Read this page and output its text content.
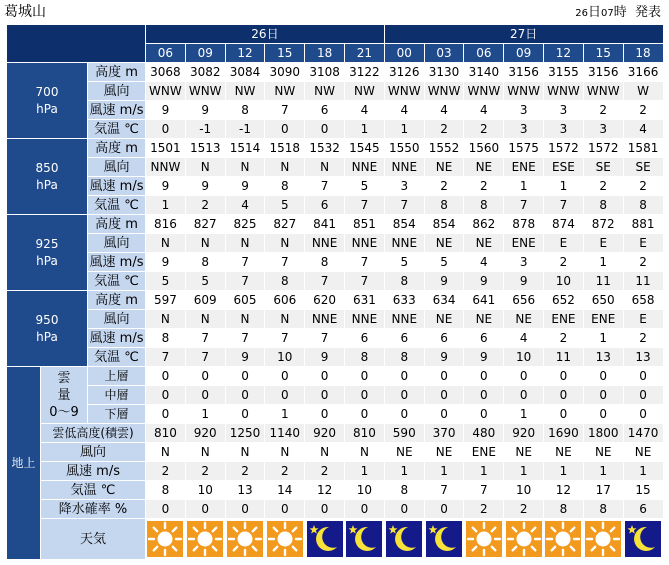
葛城山	26日07時 発表
			26日						27日						
			06	09	12	15	18	21	00	03	06	09	12	15	18

700
hPa		高度 m	3068	3082	3084	3090	3108	3122	3126	3130	3140	3156	3155	3156	3166
		風向	WNW	WNW	NW	NW	NW	NW	WNW	WNW	WNW	WNW	WNW	WNW	W
		風速 m/s	9	9	8	7	6	4	4	4	4	3	3	2	2
		気温 ℃	0	-1	-1	0	0	1	1	2	2	3	3	3	4

850
hPa		高度 m	1501	1513	1514	1518	1532	1545	1550	1552	1560	1575	1572	1572	1581
		風向	NNW	N	N	N	N	NNE	NNE	NE	NE	ENE	ESE	SE	SE
		風速 m/s	9	9	9	8	7	5	3	2	2	1	1	2	2
		気温 ℃	1	2	4	5	6	7	7	8	8	7	7	8	8

925
hPa		高度 m	816	827	825	827	841	851	854	854	862	878	874	872	881
		風向	N	N	N	N	NNE	NNE	NNE	NE	NE	ENE	E	E	E
		風速 m/s	9	8	7	7	8	7	5	5	4	3	2	1	2
		気温 ℃	5	5	7	8	7	7	8	9	9	9	10	11	11

950
hPa		高度 m	597	609	605	606	620	631	633	634	641	656	652	650	658
		風向	N	N	N	N	NNE	NNE	NNE	NE	NE	NE	ENE	ENE	E
		風速 m/s	8	7	7	7	7	6	6	6	6	4	2	1	2
		気温 ℃	7	7	9	10	9	8	8	9	9	10	11	13	13
地上	雲
量
0～9	上層	0	0	0	0	0	0	0	0	0	0	0	0	0
		中層	0	0	0	0	0	0	0	0	0	0	0	0	0
		下層	0	1	0	1	0	0	0	0	0	1	0	0	0
	雲低高度(積雲)		810	920	1250	1140	920	810	590	370	480	920	1690	1800	1470
	風向		N	N	N	N	N	N	NE	NE	ENE	NE	NE	NE	NE
	風速 m/s		2	2	2	2	2	1	1	1	1	1	1	1	1
	気温 ℃		8	10	13	14	12	10	8	7	7	10	12	17	15
	降水確率 %		0	0	0	0	0	0	0	0	2	2	8	8	6
	天気	
